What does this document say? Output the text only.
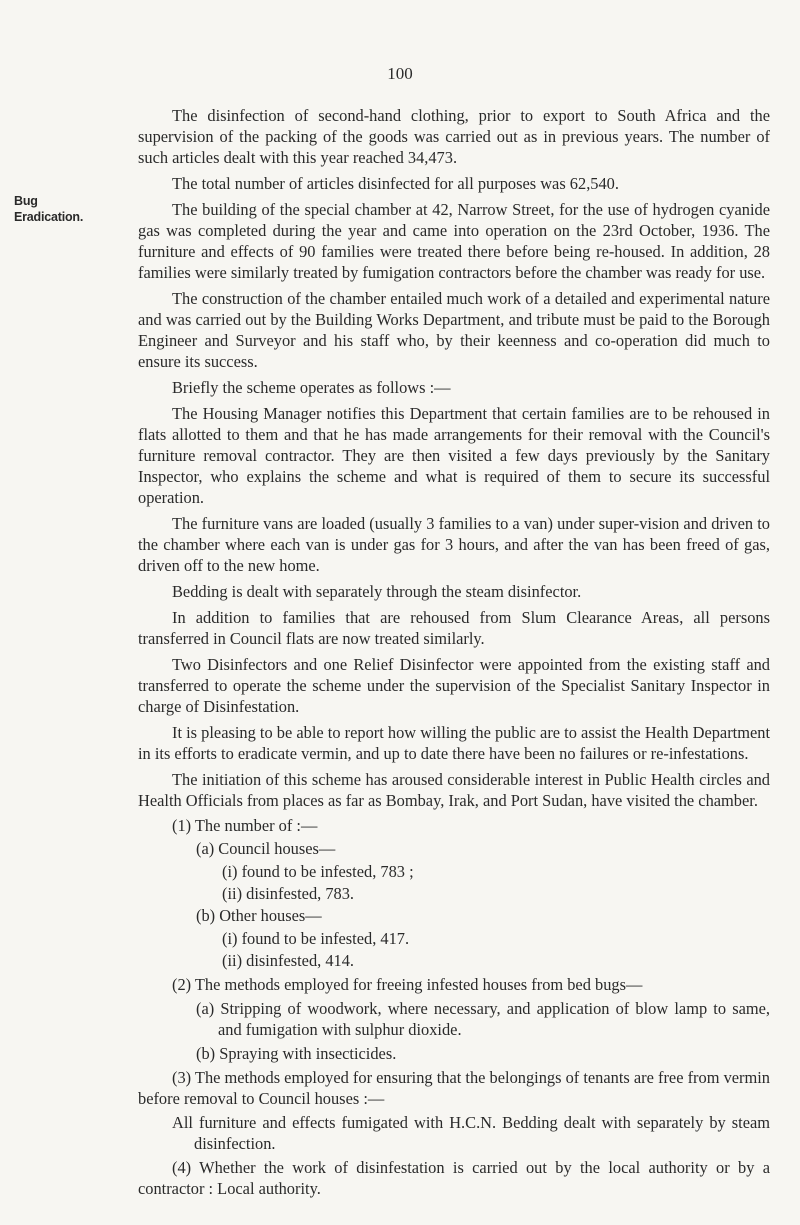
100
Bug
Eradication.

The disinfection of second-hand clothing, prior to export to South Africa and the supervision of the packing of the goods was carried out as in previous years. The number of such articles dealt with this year reached 34,473.

The total number of articles disinfected for all purposes was 62,540.

The building of the special chamber at 42, Narrow Street, for the use of hydrogen cyanide gas was completed during the year and came into operation on the 23rd October, 1936. The furniture and effects of 90 families were treated there before being re-housed. In addition, 28 families were similarly treated by fumigation contractors before the chamber was ready for use.

The construction of the chamber entailed much work of a detailed and experimental nature and was carried out by the Building Works Department, and tribute must be paid to the Borough Engineer and Surveyor and his staff who, by their keenness and co-operation did much to ensure its success.

Briefly the scheme operates as follows :—

The Housing Manager notifies this Department that certain families are to be rehoused in flats allotted to them and that he has made arrangements for their removal with the Council's furniture removal contractor. They are then visited a few days previously by the Sanitary Inspector, who explains the scheme and what is required of them to secure its successful operation.

The furniture vans are loaded (usually 3 families to a van) under super-vision and driven to the chamber where each van is under gas for 3 hours, and after the van has been freed of gas, driven off to the new home.

Bedding is dealt with separately through the steam disinfector.

In addition to families that are rehoused from Slum Clearance Areas, all persons transferred in Council flats are now treated similarly.

Two Disinfectors and one Relief Disinfector were appointed from the existing staff and transferred to operate the scheme under the supervision of the Specialist Sanitary Inspector in charge of Disinfestation.

It is pleasing to be able to report how willing the public are to assist the Health Department in its efforts to eradicate vermin, and up to date there have been no failures or re-infestations.

The initiation of this scheme has aroused considerable interest in Public Health circles and Health Officials from places as far as Bombay, Irak, and Port Sudan, have visited the chamber.

(1) The number of :—
(a) Council houses—
(i) found to be infested, 783 ;
(ii) disinfested, 783.
(b) Other houses—
(i) found to be infested, 417.
(ii) disinfested, 414.
(2) The methods employed for freeing infested houses from bed bugs—
(a) Stripping of woodwork, where necessary, and application of blow lamp to same, and fumigation with sulphur dioxide.
(b) Spraying with insecticides.
(3) The methods employed for ensuring that the belongings of tenants are free from vermin before removal to Council houses :—
All furniture and effects fumigated with H.C.N. Bedding dealt with separately by steam disinfection.
(4) Whether the work of disinfestation is carried out by the local authority or by a contractor : Local authority.
